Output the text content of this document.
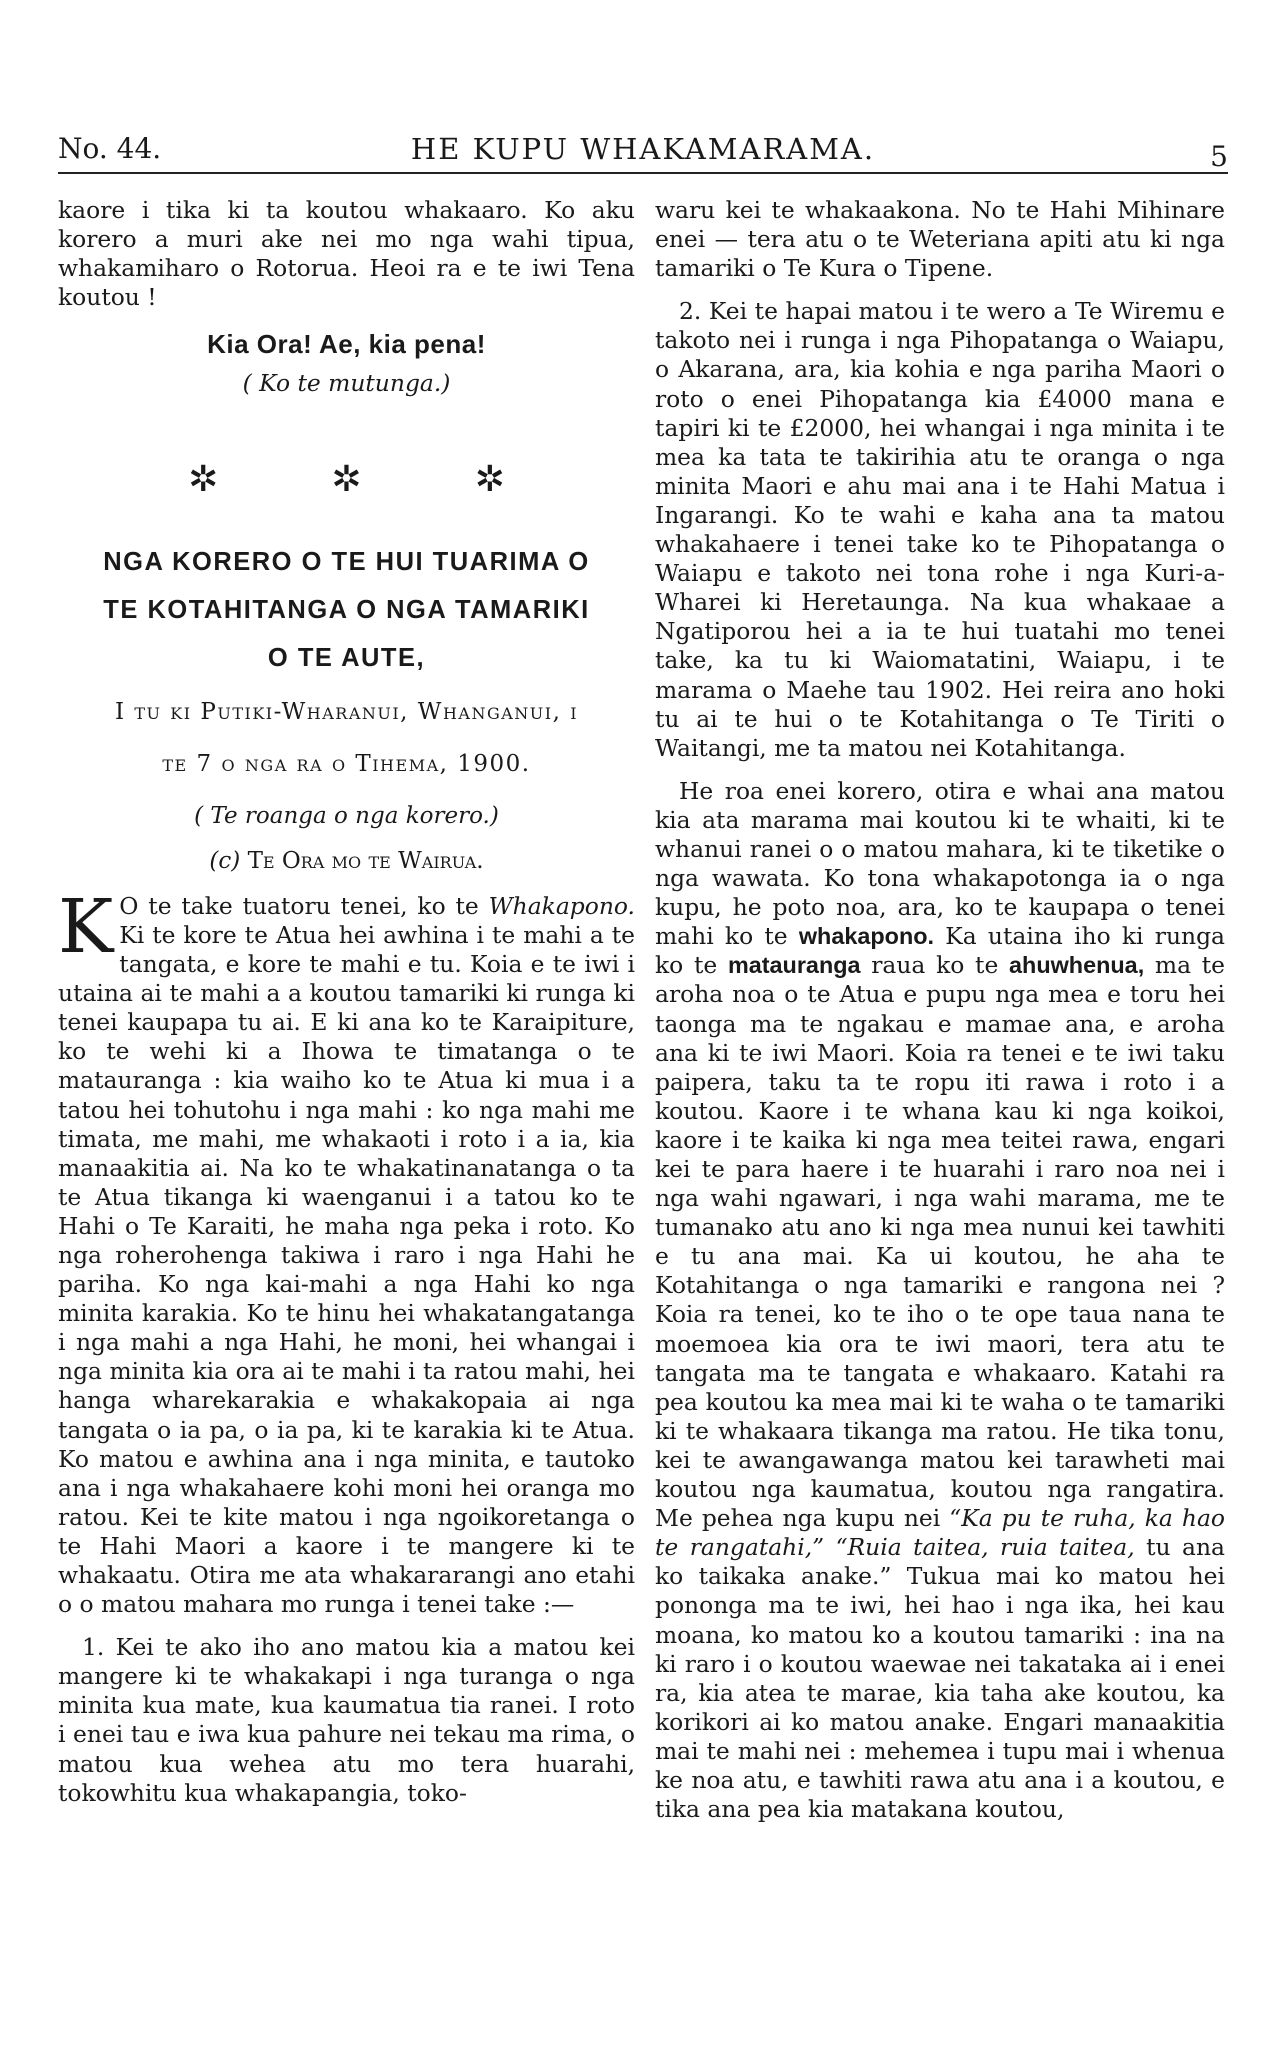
No. 44.	HE KUPU WHAKAMARAMA.	5

kaore i tika ki ta koutou whakaaro. Ko aku korero a muri ake nei mo nga wahi tipua, whakamiharo o Rotorua. Heoi ra e te iwi Tena koutou !

Kia Ora! Ae, kia pena!

( Ko te mutunga.)

✲	✲	✲
NGA KORERO O TE HUI TUARIMA O
TE KOTAHITANGA O NGA TAMARIKI
O TE AUTE,
I tu ki Putiki-Wharanui, Whanganui, i
te 7 o nga ra o Tihema, 1900.

( Te roanga o nga korero.)

(c) Te Ora mo te Wairua.

K O te take tuatoru tenei, ko te Whakapono. Ki te kore te Atua hei awhina i te mahi a te tangata, e kore te mahi e tu. Koia e te iwi i utaina ai te mahi a a koutou tamariki ki runga ki tenei kaupapa tu ai. E ki ana ko te Karaipiture, ko te wehi ki a Ihowa te timatanga o te matauranga : kia waiho ko te Atua ki mua i a tatou hei tohutohu i nga mahi : ko nga mahi me timata, me mahi, me whakaoti i roto i a ia, kia manaakitia ai. Na ko te whakatinanatanga o ta te Atua tikanga ki waenganui i a tatou ko te Hahi o Te Karaiti, he maha nga peka i roto. Ko nga roherohenga takiwa i raro i nga Hahi he pariha. Ko nga kai-mahi a nga Hahi ko nga minita karakia. Ko te hinu hei whakatangatanga i nga mahi a nga Hahi, he moni, hei whangai i nga minita kia ora ai te mahi i ta ratou mahi, hei hanga wharekarakia e whakakopaia ai nga tangata o ia pa, o ia pa, ki te karakia ki te Atua. Ko matou e awhina ana i nga minita, e tautoko ana i nga whakahaere kohi moni hei oranga mo ratou. Kei te kite matou i nga ngoikoretanga o te Hahi Maori a kaore i te mangere ki te whakaatu. Otira me ata whakararangi ano etahi o o matou mahara mo runga i tenei take :—

1. Kei te ako iho ano matou kia a matou kei mangere ki te whakakapi i nga turanga o nga minita kua mate, kua kaumatua tia ranei. I roto i enei tau e iwa kua pahure nei tekau ma rima, o matou kua wehea atu mo tera huarahi, tokowhitu kua whakapangia, toko-

waru kei te whakaakona. No te Hahi Mihinare enei — tera atu o te Weteriana apiti atu ki nga tamariki o Te Kura o Tipene.

2. Kei te hapai matou i te wero a Te Wiremu e takoto nei i runga i nga Pihopatanga o Waiapu, o Akarana, ara, kia kohia e nga pariha Maori o roto o enei Pihopatanga kia £4000 mana e tapiri ki te £2000, hei whangai i nga minita i te mea ka tata te takirihia atu te oranga o nga minita Maori e ahu mai ana i te Hahi Matua i Ingarangi. Ko te wahi e kaha ana ta matou whakahaere i tenei take ko te Pihopatanga o Waiapu e takoto nei tona rohe i nga Kuri-a-Wharei ki Heretaunga. Na kua whakaae a Ngatiporou hei a ia te hui tuatahi mo tenei take, ka tu ki Waiomatatini, Waiapu, i te marama o Maehe tau 1902. Hei reira ano hoki tu ai te hui o te Kotahitanga o Te Tiriti o Waitangi, me ta matou nei Kotahitanga.

He roa enei korero, otira e whai ana matou kia ata marama mai koutou ki te whaiti, ki te whanui ranei o o matou mahara, ki te tiketike o nga wawata. Ko tona whakapotonga ia o nga kupu, he poto noa, ara, ko te kaupapa o tenei mahi ko te whakapono. Ka utaina iho ki runga ko te matauranga raua ko te ahuwhenua, ma te aroha noa o te Atua e pupu nga mea e toru hei taonga ma te ngakau e mamae ana, e aroha ana ki te iwi Maori. Koia ra tenei e te iwi taku paipera, taku ta te ropu iti rawa i roto i a koutou. Kaore i te whana kau ki nga koikoi, kaore i te kaika ki nga mea teitei rawa, engari kei te para haere i te huarahi i raro noa nei i nga wahi ngawari, i nga wahi marama, me te tumanako atu ano ki nga mea nunui kei tawhiti e tu ana mai. Ka ui koutou, he aha te Kotahitanga o nga tamariki e rangona nei ? Koia ra tenei, ko te iho o te ope taua nana te moemoea kia ora te iwi maori, tera atu te tangata ma te tangata e whakaaro. Katahi ra pea koutou ka mea mai ki te waha o te tamariki ki te whakaara tikanga ma ratou. He tika tonu, kei te awangawanga matou kei tarawheti mai koutou nga kaumatua, koutou nga rangatira. Me pehea nga kupu nei “Ka pu te ruha, ka hao te rangatahi,” “Ruia taitea, ruia taitea, tu ana ko taikaka anake.” Tukua mai ko matou hei pononga ma te iwi, hei hao i nga ika, hei kau moana, ko matou ko a koutou tamariki : ina na ki raro i o koutou waewae nei takataka ai i enei ra, kia atea te marae, kia taha ake koutou, ka korikori ai ko matou anake. Engari manaakitia mai te mahi nei : mehemea i tupu mai i whenua ke noa atu, e tawhiti rawa atu ana i a koutou, e tika ana pea kia matakana koutou,
